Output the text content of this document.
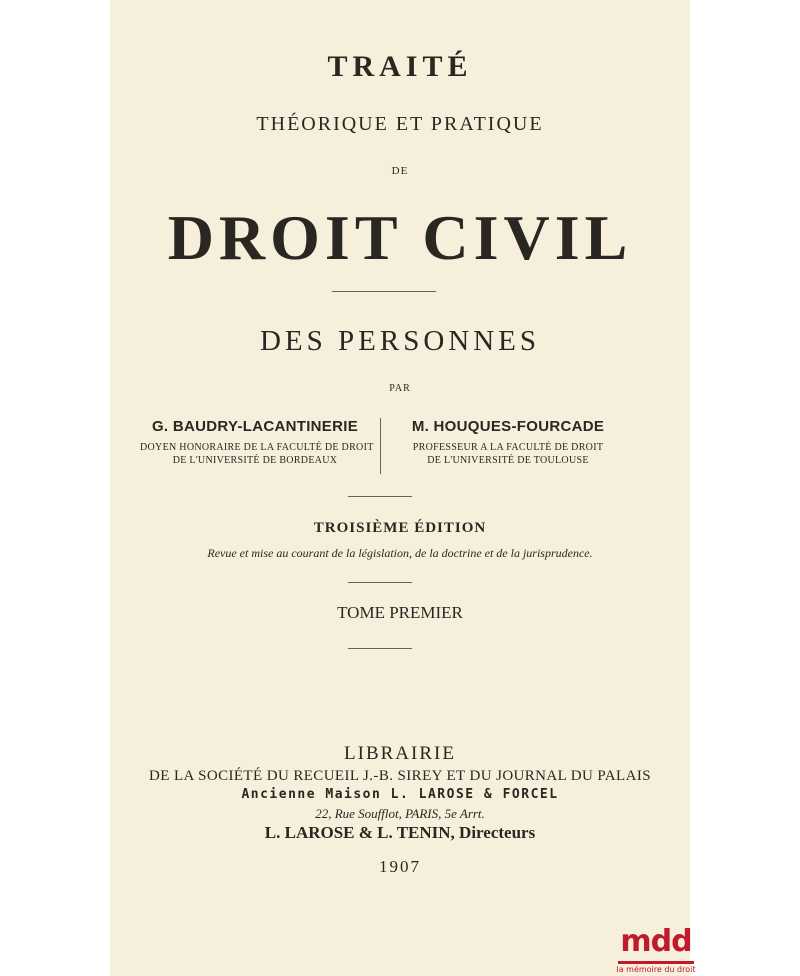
TRAITÉ
THÉORIQUE ET PRATIQUE
DE
DROIT CIVIL
DES PERSONNES
PAR
G. BAUDRY-LACANTINERIE
DOYEN HONORAIRE DE LA FACULTÉ DE DROIT
DE L'UNIVERSITÉ DE BORDEAUX
M. HOUQUES-FOURCADE
PROFESSEUR A LA FACULTÉ DE DROIT
DE L'UNIVERSITÉ DE TOULOUSE
TROISIÈME ÉDITION
Revue et mise au courant de la législation, de la doctrine et de la jurisprudence.
TOME PREMIER
LIBRAIRIE
DE LA SOCIÉTÉ DU RECUEIL J.-B. SIREY ET DU JOURNAL DU PALAIS
Ancienne Maison L. LAROSE & FORCEL
22, Rue Soufflot, PARIS, 5e Arrt.
L. LAROSE & L. TENIN, Directeurs
1907
mdd
la mémoire du droit
